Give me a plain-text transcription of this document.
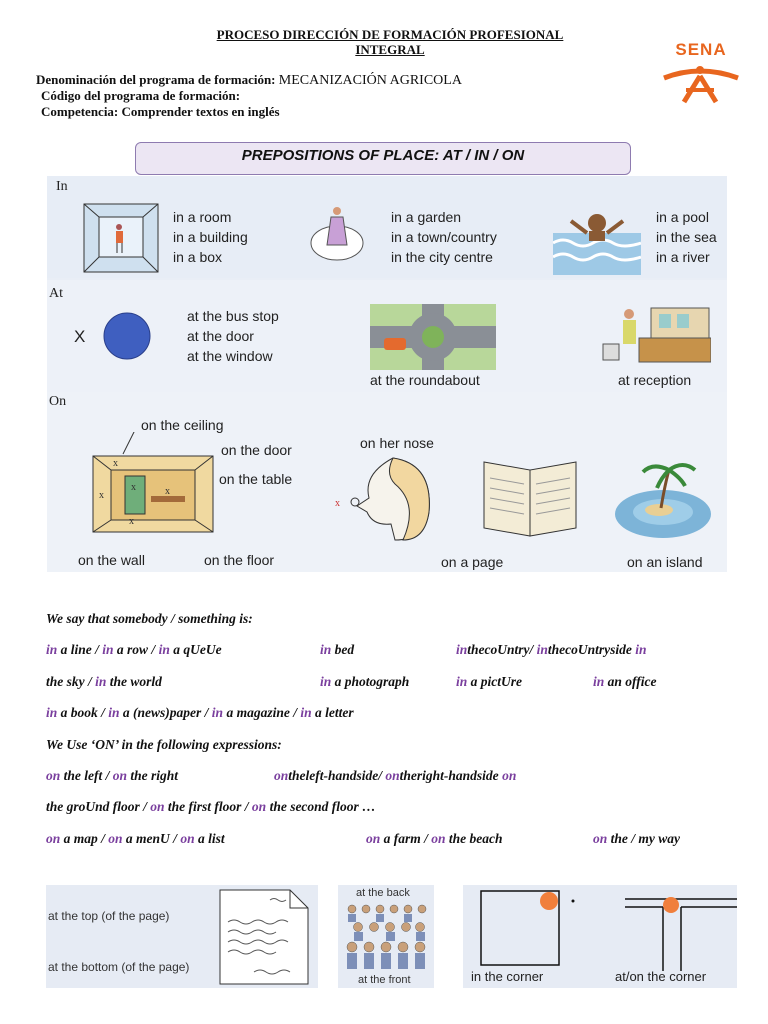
PROCESO DIRECCIÓN DE FORMACIÓN PROFESIONAL
INTEGRAL
Denominación del programa de formación: MECANIZACIÓN AGRICOLA
Código del programa de formación:
Competencia: Comprender textos en inglés
SENA
PREPOSITIONS OF PLACE: AT / IN / ON
In
in a room
in a building
in a box
in a garden
in a town/country
in the city centre
in a pool
in the sea
in a river
At
X
at the bus stop
at the door
at the window
at the roundabout	at reception
On
on the ceiling
on the door
on the table
x
x
x	x
x
on the wall	on the floor
on her nose
x
on a page	on an island
We say that somebody / something is:
in a line / in a row / in a qUeUe	in bed	inthecoUntry/ inthecoUntryside in
the sky / in the world	in a photograph	in a pictUre	in an office
in a book / in a (news)paper / in a magazine / in a letter
We Use ‘ON’ in the following expressions:
on the left / on the right	ontheleft-handside/ ontheright-handside on
the groUnd floor / on the first floor / on the second floor …
on a map / on a menU / on a list	on a farm / on the beach	on the / my way
at the top (of the page)
at the bottom (of the page)
at the back
at the front	in the corner	at/on the corner
